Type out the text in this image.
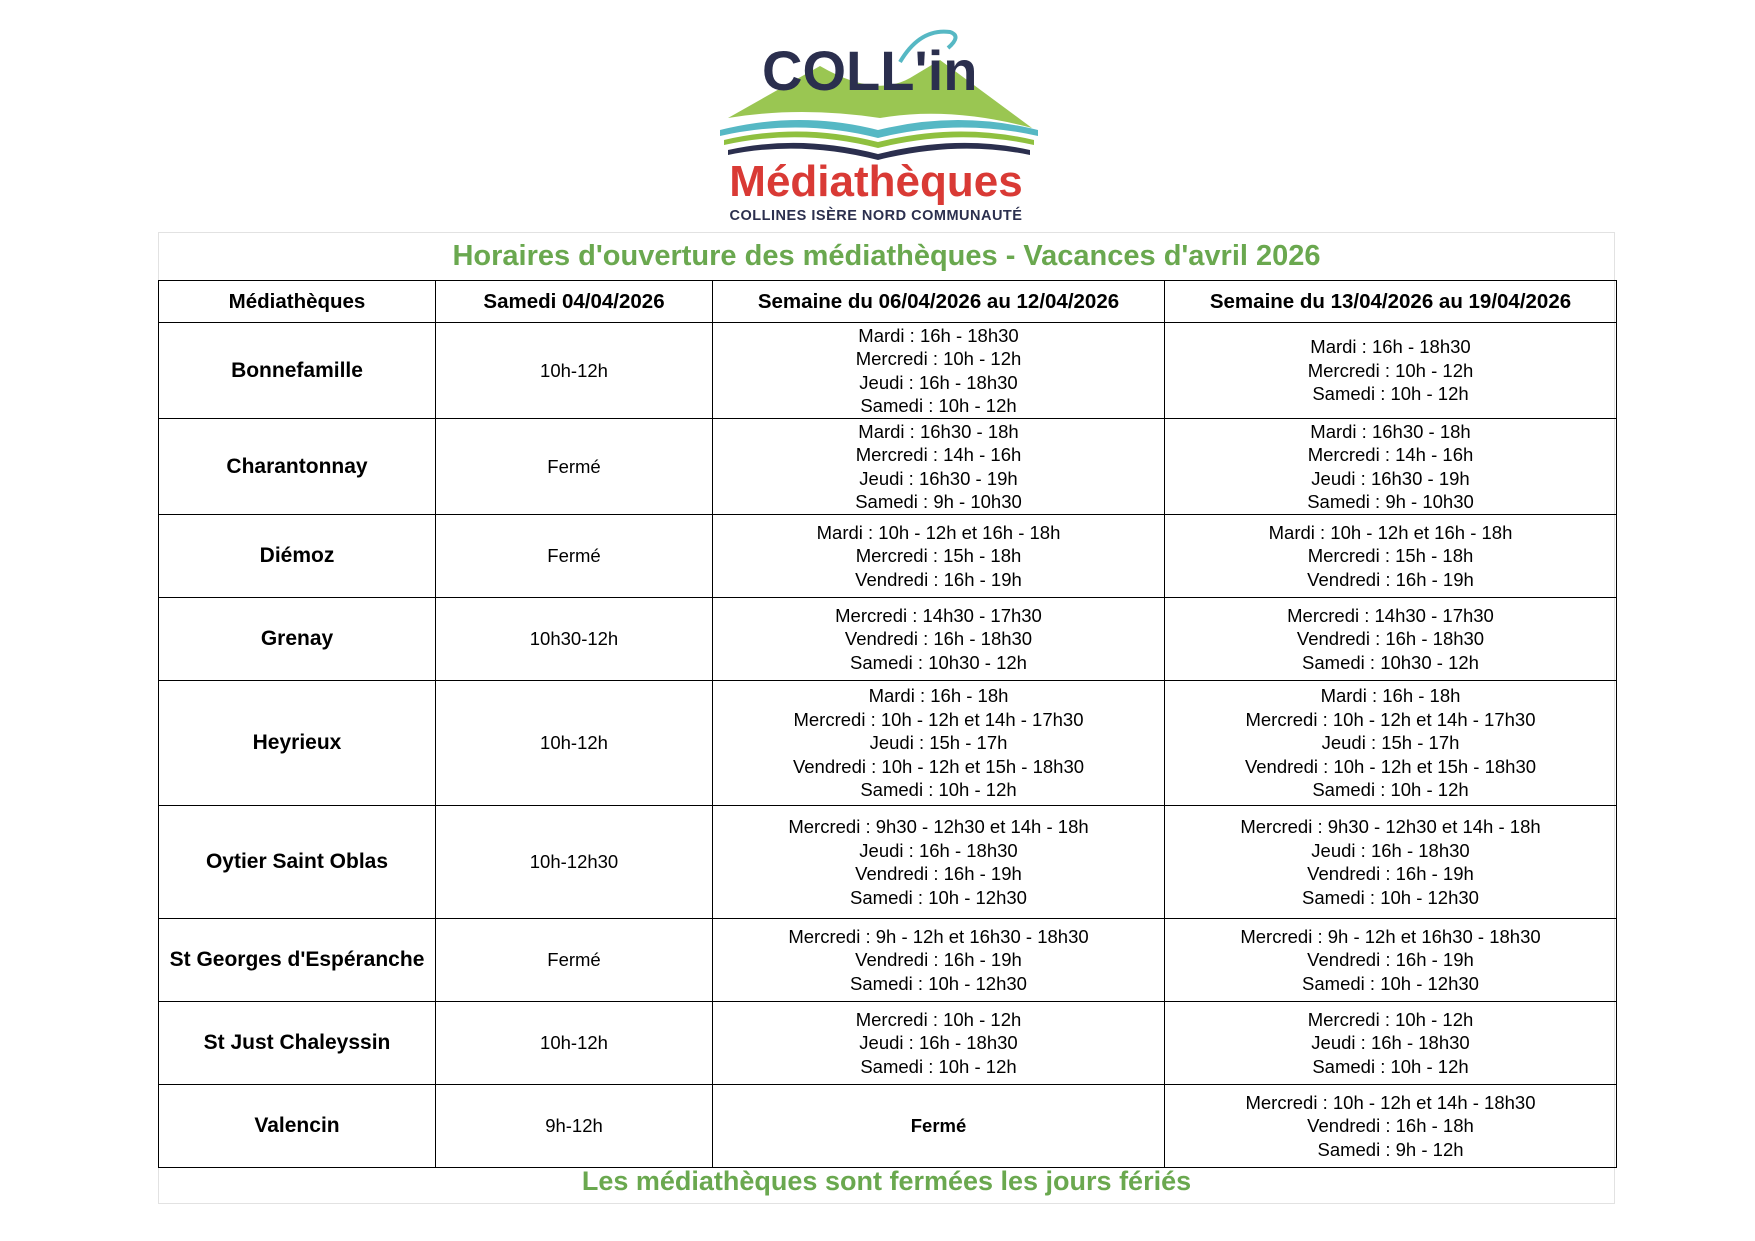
COLL'in
Médiathèques
COLLINES ISÈRE NORD COMMUNAUTÉ
Horaires d'ouverture des médiathèques - Vacances d'avril 2026
Médiathèques	Samedi 04/04/2026	Semaine du 06/04/2026 au 12/04/2026	Semaine du 13/04/2026 au 19/04/2026
Bonnefamille	10h-12h	Mardi : 16h - 18h30
Mercredi : 10h - 12h
Jeudi : 16h - 18h30
Samedi : 10h - 12h	Mardi : 16h - 18h30
Mercredi : 10h - 12h
Samedi : 10h - 12h

Charantonnay	Fermé	Mardi : 16h30 - 18h
Mercredi : 14h - 16h
Jeudi : 16h30 - 19h
Samedi : 9h - 10h30	Mardi : 16h30 - 18h
Mercredi : 14h - 16h
Jeudi : 16h30 - 19h
Samedi : 9h - 10h30

Diémoz	Fermé	Mardi : 10h - 12h et 16h - 18h
Mercredi : 15h - 18h
Vendredi : 16h - 19h	Mardi : 10h - 12h et 16h - 18h
Mercredi : 15h - 18h
Vendredi : 16h - 19h

Grenay	10h30-12h	Mercredi : 14h30 - 17h30
Vendredi : 16h - 18h30
Samedi : 10h30 - 12h	Mercredi : 14h30 - 17h30
Vendredi : 16h - 18h30
Samedi : 10h30 - 12h

Heyrieux	10h-12h	Mardi : 16h - 18h
Mercredi : 10h - 12h et 14h - 17h30
Jeudi : 15h - 17h
Vendredi : 10h - 12h et 15h - 18h30
Samedi : 10h - 12h	Mardi : 16h - 18h
Mercredi : 10h - 12h et 14h - 17h30
Jeudi : 15h - 17h
Vendredi : 10h - 12h et 15h - 18h30
Samedi : 10h - 12h

Oytier Saint Oblas	10h-12h30	Mercredi : 9h30 - 12h30 et 14h - 18h
Jeudi : 16h - 18h30
Vendredi : 16h - 19h
Samedi : 10h - 12h30	Mercredi : 9h30 - 12h30 et 14h - 18h
Jeudi : 16h - 18h30
Vendredi : 16h - 19h
Samedi : 10h - 12h30

St Georges d'Espéranche	Fermé	Mercredi : 9h - 12h et 16h30 - 18h30
Vendredi : 16h - 19h
Samedi : 10h - 12h30	Mercredi : 9h - 12h et 16h30 - 18h30
Vendredi : 16h - 19h
Samedi : 10h - 12h30

St Just Chaleyssin	10h-12h	Mercredi : 10h - 12h
Jeudi : 16h - 18h30
Samedi : 10h - 12h	Mercredi : 10h - 12h
Jeudi : 16h - 18h30
Samedi : 10h - 12h

Valencin	9h-12h	Fermé	Mercredi : 10h - 12h et 14h - 18h30
Vendredi : 16h - 18h
Samedi : 9h - 12h
Les médiathèques sont fermées les jours fériés
